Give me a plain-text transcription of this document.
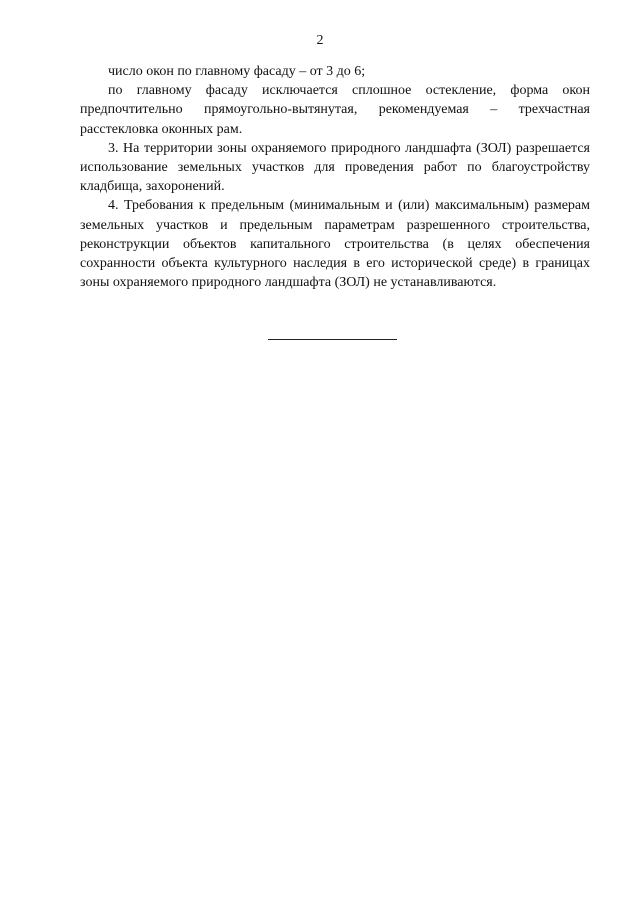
2

число окон по главному фасаду – от 3 до 6;

по главному фасаду исключается сплошное остекление, форма окон предпочтительно прямоугольно-вытянутая, рекомендуемая – трехчастная расстекловка оконных рам.

3. На территории зоны охраняемого природного ландшафта (ЗОЛ) разрешается использование земельных участков для проведения работ по благоустройству кладбища, захоронений.

4. Требования к предельным (минимальным и (или) максимальным) размерам земельных участков и предельным параметрам разрешенного строительства, реконструкции объектов капитального строительства (в целях обеспечения сохранности объекта культурного наследия в его исторической среде) в границах зоны охраняемого природного ландшафта (ЗОЛ) не устанавливаются.
